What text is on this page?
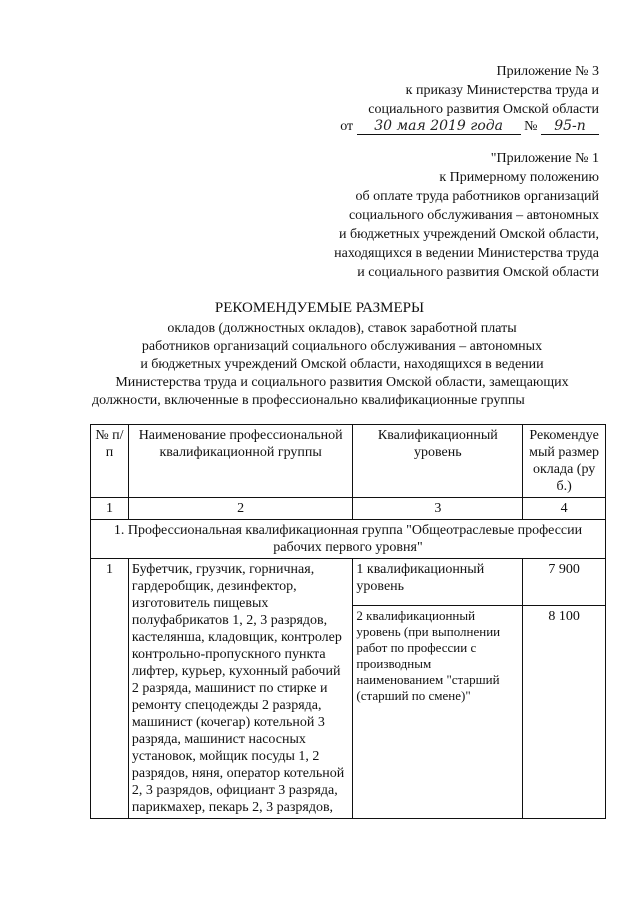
Приложение № 3
к приказу Министерства труда и
социального развития Омской области
от 30 мая 2019 года № 95-п
"Приложение № 1
к Примерному положению
об оплате труда работников организаций
социального обслуживания – автономных
и бюджетных учреждений Омской области,
находящихся в ведении Министерства труда
и социального развития Омской области
РЕКОМЕНДУЕМЫЕ РАЗМЕРЫ
окладов (должностных окладов), ставок заработной платы
работников организаций социального обслуживания – автономных
и бюджетных учреждений Омской области, находящихся в ведении
Министерства труда и социального развития Омской области, замещающих
должности, включенные в профессионально квалификационные группы
№ п/п	Наименование профессиональной квалификационной группы	Квалификационный уровень	Рекомендуемый размер оклада (руб.)
1	2	3	4
1. Профессиональная квалификационная группа "Общеотраслевые профессии рабочих первого уровня"			
1	Буфетчик, грузчик, горничная, гардеробщик, дезинфектор, изготовитель пищевых полуфабрикатов 1, 2, 3 разрядов, кастелянша, кладовщик, контролер контрольно-пропускного пункта лифтер, курьер, кухонный рабочий 2 разряда, машинист по стирке и ремонту спецодежды 2 разряда, машинист (кочегар) котельной 3 разряда, машинист насосных установок, мойщик посуды 1, 2 разрядов, няня, оператор котельной 2, 3 разрядов, официант 3 разряда, парикмахер, пекарь 2, 3 разрядов,	1 квалификационный уровень	7 900
		2 квалификационный уровень (при выполнении работ по профессии с производным наименованием "старший (старший по смене)"	8 100
